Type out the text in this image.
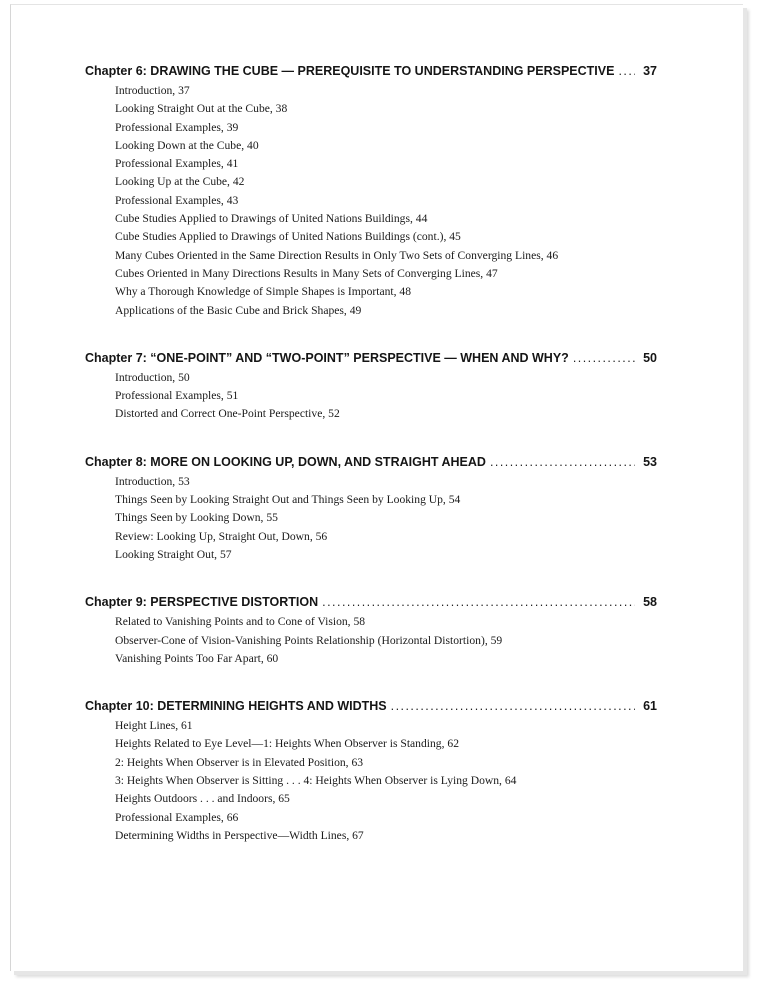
Chapter 6: DRAWING THE CUBE — PREREQUISITE TO UNDERSTANDING PERSPECTIVE . . .	37
Introduction, 37
Looking Straight Out at the Cube, 38
Professional Examples, 39
Looking Down at the Cube, 40
Professional Examples, 41
Looking Up at the Cube, 42
Professional Examples, 43
Cube Studies Applied to Drawings of United Nations Buildings, 44
Cube Studies Applied to Drawings of United Nations Buildings (cont.), 45
Many Cubes Oriented in the Same Direction Results in Only Two Sets of Converging Lines, 46
Cubes Oriented in Many Directions Results in Many Sets of Converging Lines, 47
Why a Thorough Knowledge of Simple Shapes is Important, 48
Applications of the Basic Cube and Brick Shapes, 49
Chapter 7: “ONE-POINT” AND “TWO-POINT” PERSPECTIVE — WHEN AND WHY? . . .	50
Introduction, 50
Professional Examples, 51
Distorted and Correct One-Point Perspective, 52
Chapter 8: MORE ON LOOKING UP, DOWN, AND STRAIGHT AHEAD . . .	53
Introduction, 53
Things Seen by Looking Straight Out and Things Seen by Looking Up, 54
Things Seen by Looking Down, 55
Review: Looking Up, Straight Out, Down, 56
Looking Straight Out, 57
Chapter 9: PERSPECTIVE DISTORTION . . .	58
Related to Vanishing Points and to Cone of Vision, 58
Observer-Cone of Vision-Vanishing Points Relationship (Horizontal Distortion), 59
Vanishing Points Too Far Apart, 60
Chapter 10: DETERMINING HEIGHTS AND WIDTHS . . .	61
Height Lines, 61
Heights Related to Eye Level—1: Heights When Observer is Standing, 62
2: Heights When Observer is in Elevated Position, 63
3: Heights When Observer is Sitting . . . 4: Heights When Observer is Lying Down, 64
Heights Outdoors . . . and Indoors, 65
Professional Examples, 66
Determining Widths in Perspective—Width Lines, 67
